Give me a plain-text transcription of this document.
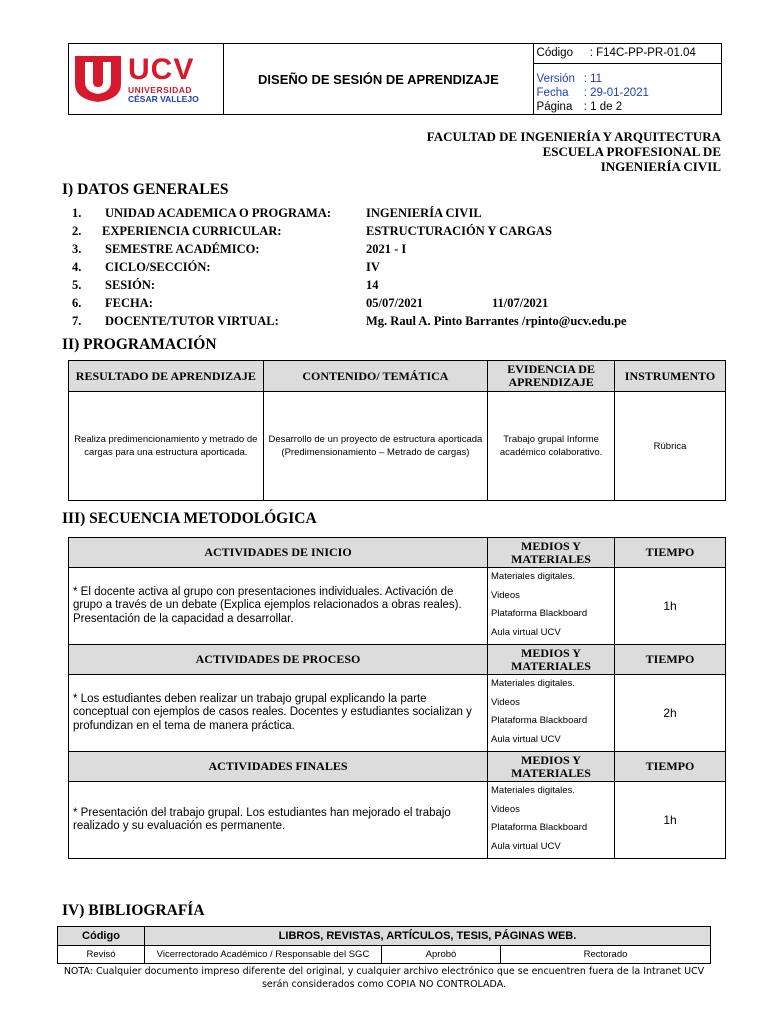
UCV
UNIVERSIDAD
CÉSAR VALLEJO
	DISEÑO DE SESIÓN DE APRENDIZAJE	
Código : F14C-PP-PR-01.04
Versión : 11
Fecha : 29-01-2021
Página : 1 de 2
FACULTAD DE INGENIERÍA Y ARQUITECTURA
ESCUELA PROFESIONAL DE
INGENIERÍA CIVIL
I) DATOS GENERALES
1. UNIDAD ACADEMICA O PROGRAMA:	INGENIERÍA CIVIL
2. EXPERIENCIA CURRICULAR:	ESTRUCTURACIÓN Y CARGAS
3. SEMESTRE ACADÉMICO:	2021 - I
4. CICLO/SECCIÓN:	IV
5. SESIÓN:	14
6. FECHA:	05/07/2021	11/07/2021
7. DOCENTE/TUTOR VIRTUAL:	Mg. Raul A. Pinto Barrantes /rpinto@ucv.edu.pe
II) PROGRAMACIÓN
RESULTADO DE APRENDIZAJE	CONTENIDO/ TEMÁTICA	EVIDENCIA DE APRENDIZAJE	INSTRUMENTO
Realiza predimencionamiento y metrado de cargas para una estructura aporticada.	Desarrollo de un proyecto de estructura aporticada (Predimensionamiento – Metrado de cargas)	Trabajo grupal Informe académico colaborativo.	Rúbrica
III) SECUENCIA METODOLÓGICA
ACTIVIDADES DE INICIO	MEDIOS Y MATERIALES	TIEMPO
* El docente activa al grupo con presentaciones individuales. Activación de grupo a través de un debate (Explica ejemplos relacionados a obras reales). Presentación de la capacidad a desarrollar.	Materiales digitales.
Videos
Plataforma Blackboard
Aula virtual UCV	1h
ACTIVIDADES DE PROCESO	MEDIOS Y MATERIALES	TIEMPO
* Los estudiantes deben realizar un trabajo grupal explicando la parte conceptual con ejemplos de casos reales. Docentes y estudiantes socializan y profundizan en el tema de manera práctica.	Materiales digitales.
Videos
Plataforma Blackboard
Aula virtual UCV	2h
ACTIVIDADES FINALES	MEDIOS Y MATERIALES	TIEMPO
* Presentación del trabajo grupal. Los estudiantes han mejorado el trabajo realizado y su evaluación es permanente.	Materiales digitales.
Videos
Plataforma Blackboard
Aula virtual UCV	1h
IV) BIBLIOGRAFÍA
Código	LIBROS, REVISTAS, ARTÍCULOS, TESIS, PÁGINAS WEB.		
Revisó	Vicerrectorado Académico / Responsable del SGC	Aprobó	Rectorado
NOTA: Cualquier documento impreso diferente del original, y cualquier archivo electrónico que se encuentren fuera de la Intranet UCV
serán considerados como COPIA NO CONTROLADA.
